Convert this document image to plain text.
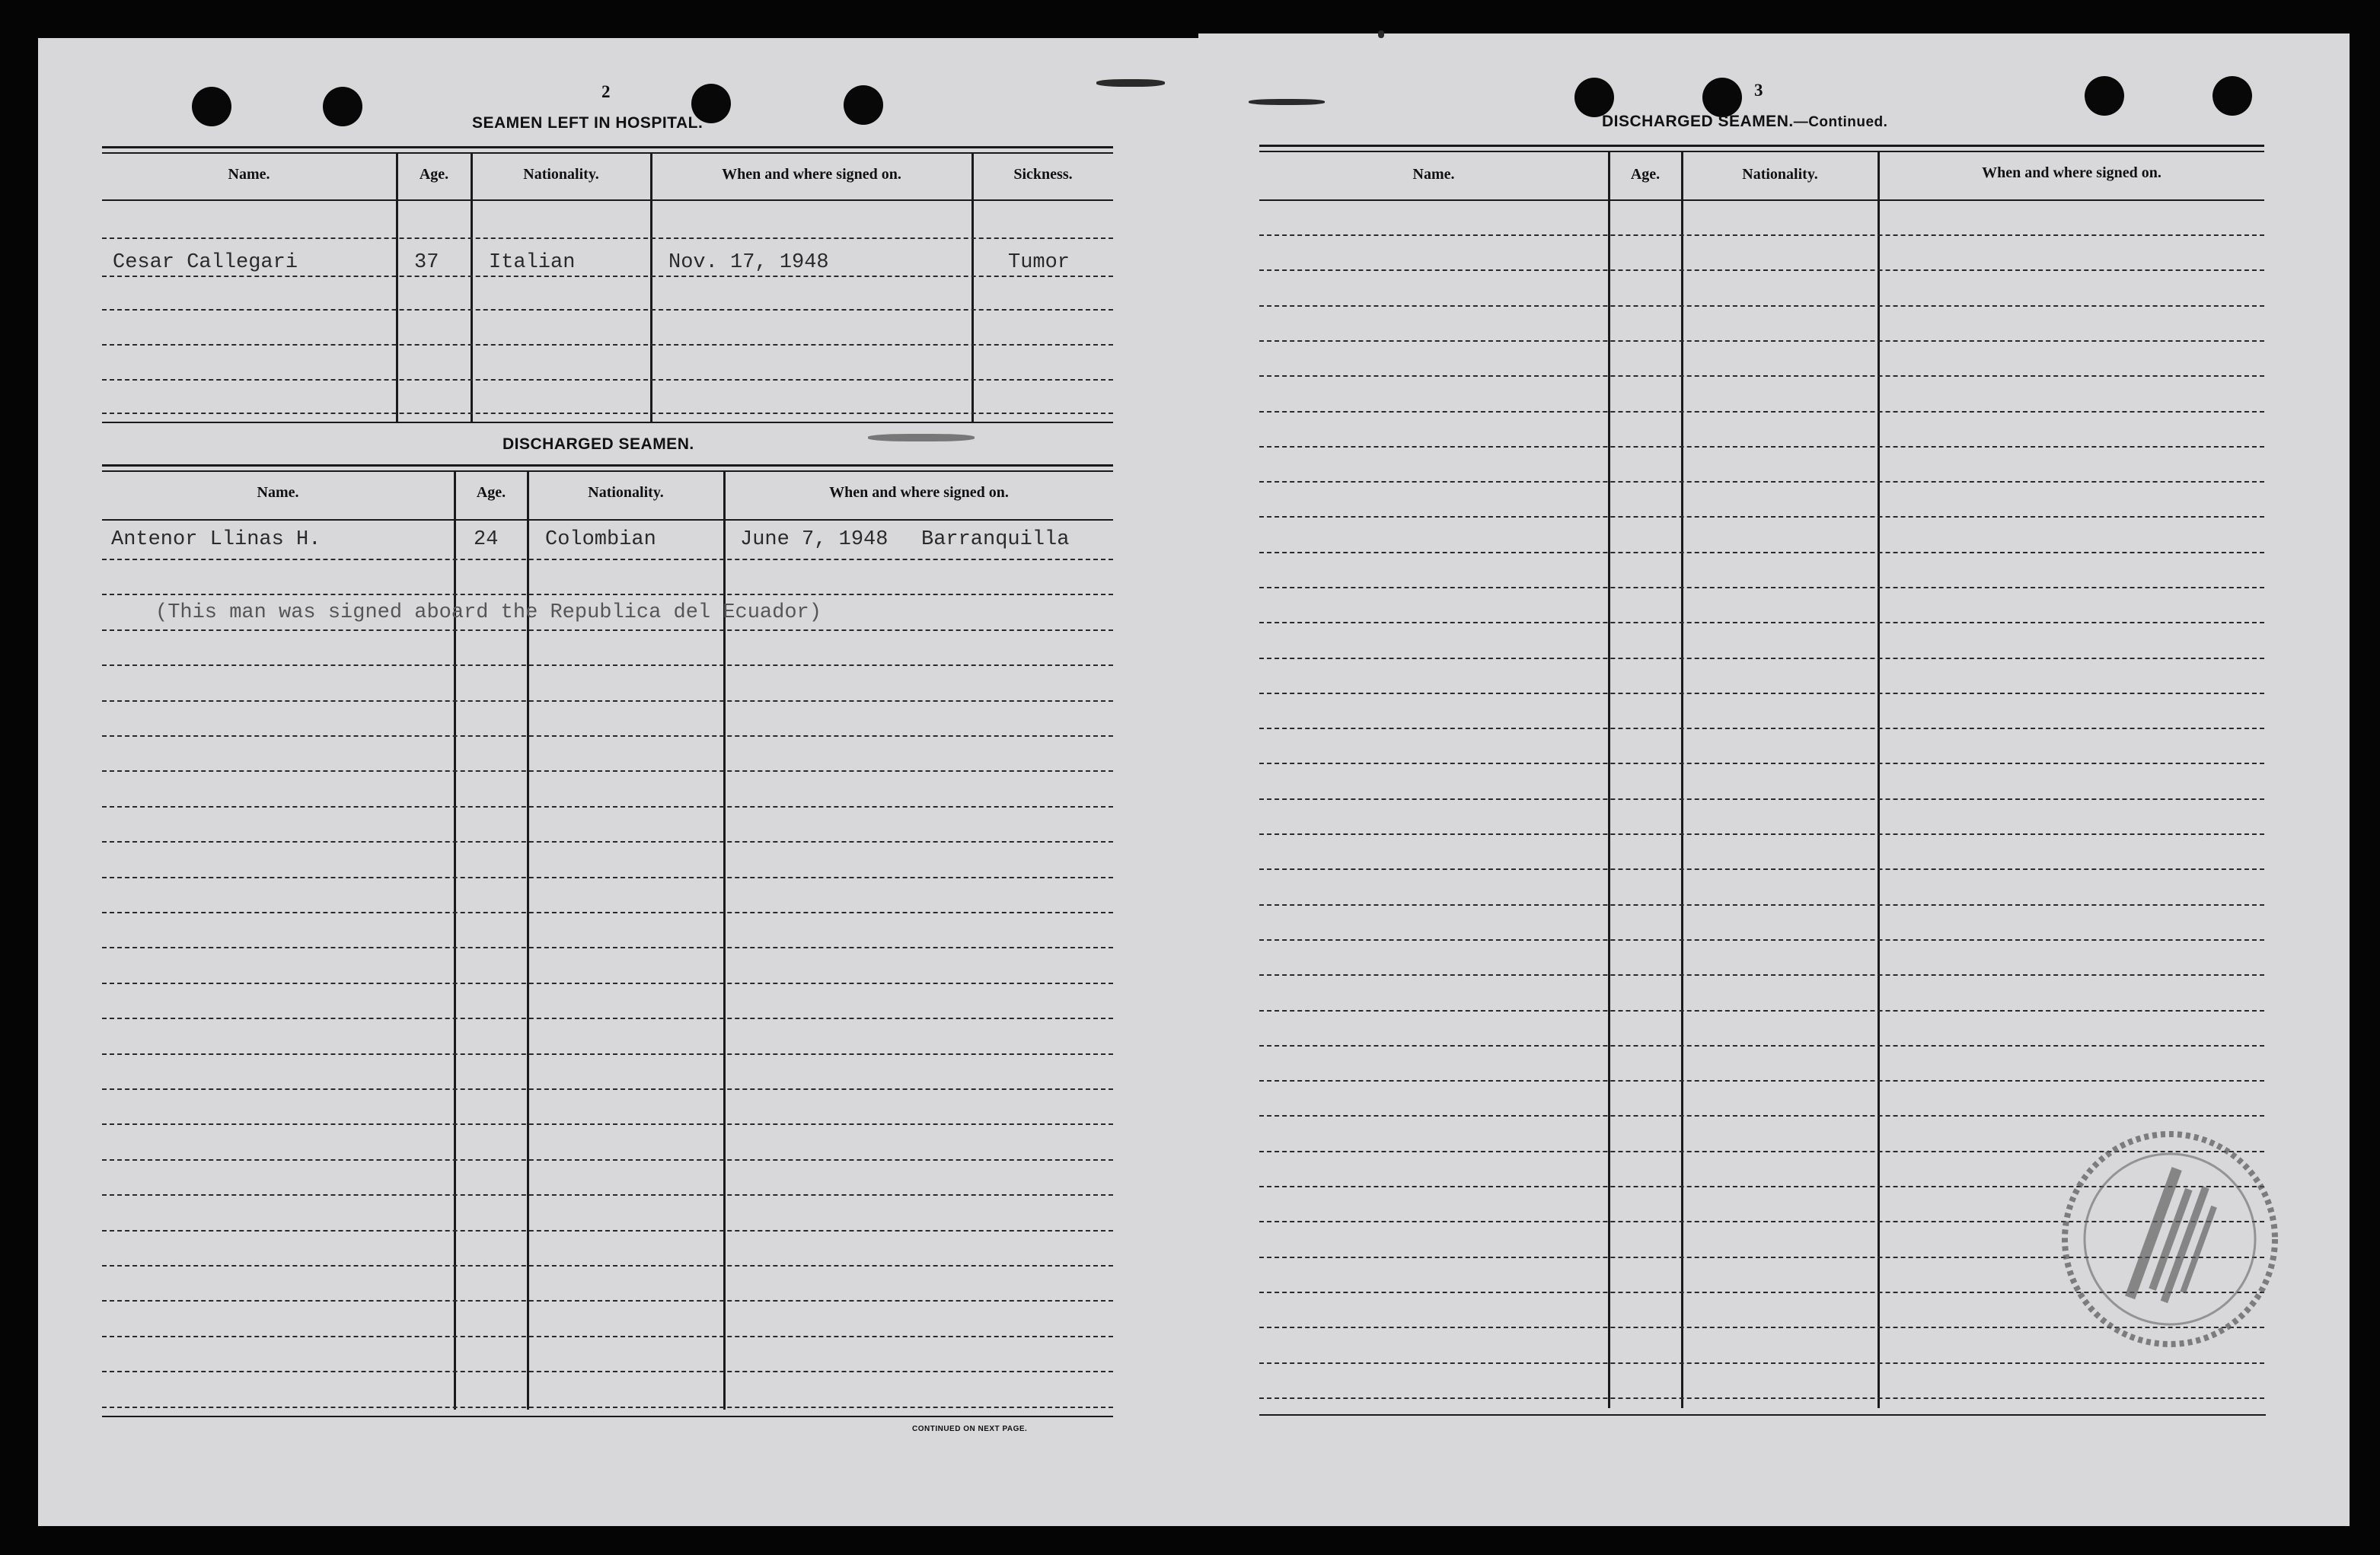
2
SEAMEN LEFT IN HOSPITAL.
Name.	Age.	Nationality.	When and where signed on.	Sickness.
Cesar Callegari	37 Italian	Nov. 17, 1948	Tumor
DISCHARGED SEAMEN.
Name.	Age.	Nationality.	When and where signed on.
Antenor Llinas H.	24 Colombian	June 7, 1948 Barranquilla
(This man was signed aboard the Republica del Ecuador)
CONTINUED ON NEXT PAGE.
3
DISCHARGED SEAMEN.—Continued.
Name.	Age.	Nationality.	When and where signed on.
